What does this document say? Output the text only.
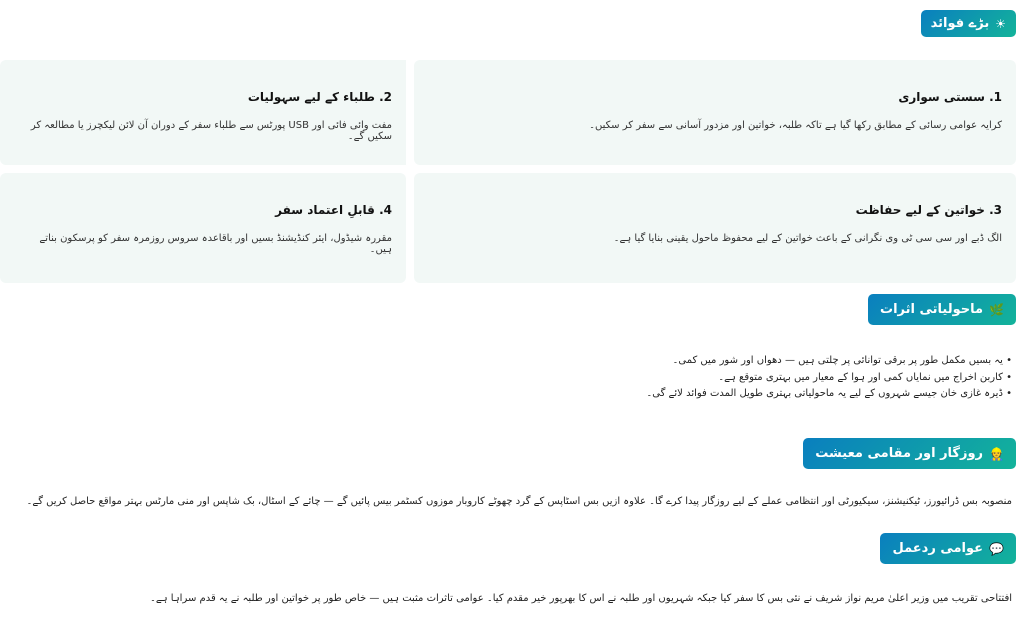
☀
بڑے فوائد
1. سستی سواری
کرایہ عوامی رسائی کے مطابق رکھا گیا ہے تاکہ طلبہ، خواتین اور مزدور آسانی سے سفر کر سکیں۔
2. طلباء کے لیے سہولیات
مفت وائی فائی اور USB پورٹس سے طلباء سفر کے دوران آن لائن لیکچرز یا مطالعہ کر سکیں گے۔
3. خواتین کے لیے حفاظت
الگ ڈبے اور سی سی ٹی وی نگرانی کے باعث خواتین کے لیے محفوظ ماحول یقینی بنایا گیا ہے۔
4. قابلِ اعتماد سفر
مقررہ شیڈول، ایئر کنڈیشنڈ بسیں اور باقاعدہ سروس روزمرہ سفر کو پرسکون بناتے ہیں۔
🌿
ماحولیاتی اثرات
• یہ بسیں مکمل طور پر برقی توانائی پر چلتی ہیں — دھواں اور شور میں کمی۔
• کاربن اخراج میں نمایاں کمی اور ہوا کے معیار میں بہتری متوقع ہے۔
• ڈیرہ غازی خان جیسے شہروں کے لیے یہ ماحولیاتی بہتری طویل المدت فوائد لائے گی۔
👷
روزگار اور مقامی معیشت
منصوبہ بس ڈرائیورز، ٹیکنیشنز، سیکیورٹی اور انتظامی عملے کے لیے روزگار پیدا کرے گا۔ علاوہ ازیں بس اسٹاپس کے گرد چھوٹے کاروبار موزوں کسٹمر بیس پائیں گے — چائے کے اسٹال، بک شاپس اور منی مارٹس بہتر مواقع حاصل کریں گے۔
💬
عوامی ردعمل
افتتاحی تقریب میں وزیر اعلیٰ مریم نواز شریف نے نئی بس کا سفر کیا جبکہ شہریوں اور طلبہ نے اس کا بھرپور خیر مقدم کیا۔ عوامی تاثرات مثبت ہیں — خاص طور پر خواتین اور طلبہ نے یہ قدم سراہا ہے۔
